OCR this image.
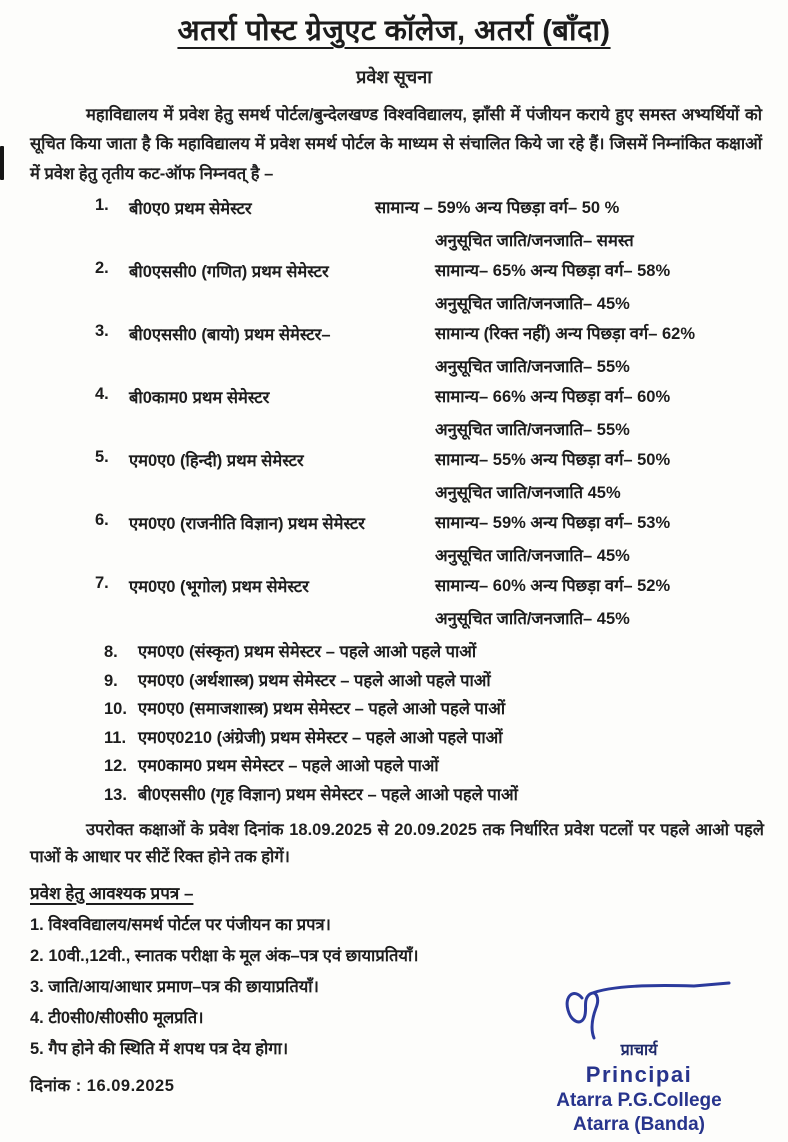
अतर्रा पोस्ट ग्रेजुएट कॉलेज, अतर्रा (बाँदा)
प्रवेश सूचना
महाविद्यालय में प्रवेश हेतु समर्थ पोर्टल/बुन्देलखण्ड विश्वविद्यालय, झाँसी में पंजीयन कराये हुए समस्त अभ्यर्थियों को सूचित किया जाता है कि महाविद्यालय में प्रवेश समर्थ पोर्टल के माध्यम से संचालित किये जा रहे हैं। जिसमें निम्नांकित कक्षाओं में प्रवेश हेतु तृतीय कट-ऑफ निम्नवत् है –
1.	बी0ए0 प्रथम सेमेस्टर	सामान्य – 59% अन्य पिछड़ा वर्ग– 50 %
अनुसूचित जाति/जनजाति– समस्त
2.	बी0एससी0 (गणित) प्रथम सेमेस्टर	सामान्य– 65% अन्य पिछड़ा वर्ग– 58%
अनुसूचित जाति/जनजाति– 45%
3.	बी0एससी0 (बायो) प्रथम सेमेस्टर–	सामान्य (रिक्त नहीं) अन्य पिछड़ा वर्ग– 62%
अनुसूचित जाति/जनजाति– 55%
4.	बी0काम0 प्रथम सेमेस्टर	सामान्य– 66% अन्य पिछड़ा वर्ग– 60%
अनुसूचित जाति/जनजाति– 55%
5.	एम0ए0 (हिन्दी) प्रथम सेमेस्टर	सामान्य– 55% अन्य पिछड़ा वर्ग– 50%
अनुसूचित जाति/जनजाति 45%
6.	एम0ए0 (राजनीति विज्ञान) प्रथम सेमेस्टर	सामान्य– 59% अन्य पिछड़ा वर्ग– 53%
अनुसूचित जाति/जनजाति– 45%
7.	एम0ए0 (भूगोल) प्रथम सेमेस्टर	सामान्य– 60% अन्य पिछड़ा वर्ग– 52%
अनुसूचित जाति/जनजाति– 45%
8.	एम0ए0 (संस्कृत) प्रथम सेमेस्टर – पहले आओ पहले पाओं
9.	एम0ए0 (अर्थशास्त्र) प्रथम सेमेस्टर – पहले आओ पहले पाओं
10. एम0ए0 (समाजशास्त्र) प्रथम सेमेस्टर – पहले आओ पहले पाओं
11. एम0ए0210 (अंग्रेजी) प्रथम सेमेस्टर – पहले आओ पहले पाओं
12. एम0काम0 प्रथम सेमेस्टर – पहले आओ पहले पाओं
13. बी0एससी0 (गृह विज्ञान) प्रथम सेमेस्टर – पहले आओ पहले पाओं
उपरोक्त कक्षाओं के प्रवेश दिनांक 18.09.2025 से 20.09.2025 तक निर्धारित प्रवेश पटलों पर पहले आओ पहले पाओं के आधार पर सीटें रिक्त होने तक होगें।
प्रवेश हेतु आवश्यक प्रपत्र –
1. विश्वविद्यालय/समर्थ पोर्टल पर पंजीयन का प्रपत्र।
2. 10वी.,12वी., स्नातक परीक्षा के मूल अंक–पत्र एवं छायाप्रतियाँ।
3. जाति/आय/आधार प्रमाण–पत्र की छायाप्रतियाँ।
4. टी0सी0/सी0सी0 मूलप्रति।
5. गैप होने की स्थिति में शपथ पत्र देय होगा।
दिनांक : 16.09.2025
प्राचार्य
Principai
Atarra P.G.College
Atarra (Banda)
